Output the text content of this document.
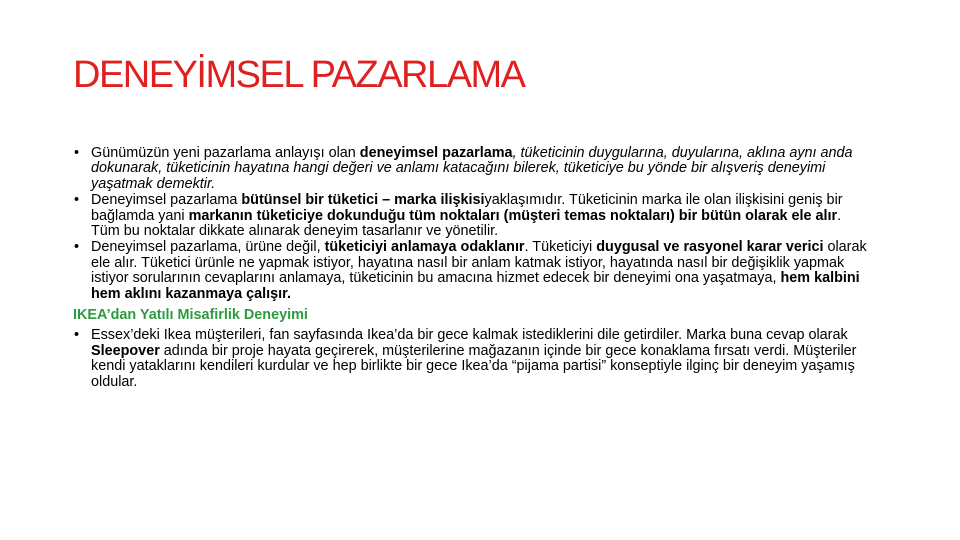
DENEYİMSEL PAZARLAMA
• Günümüzün yeni pazarlama anlayışı olan deneyimsel pazarlama, tüketicinin duygularına, duyularına, aklına aynı anda dokunarak, tüketicinin hayatına hangi değeri ve anlamı katacağını bilerek, tüketiciye bu yönde bir alışveriş deneyimi yaşatmak demektir.
• Deneyimsel pazarlama bütünsel bir tüketici – marka ilişkisiyaklaşımıdır. Tüketicinin marka ile olan ilişkisini geniş bir bağlamda yani markanın tüketiciye dokunduğu tüm noktaları (müşteri temas noktaları) bir bütün olarak ele alır. Tüm bu noktalar dikkate alınarak deneyim tasarlanır ve yönetilir.
• Deneyimsel pazarlama, ürüne değil, tüketiciyi anlamaya odaklanır. Tüketiciyi duygusal ve rasyonel karar verici olarak ele alır. Tüketici ürünle ne yapmak istiyor, hayatına nasıl bir anlam katmak istiyor, hayatında nasıl bir değişiklik yapmak istiyor sorularının cevaplarını anlamaya, tüketicinin bu amacına hizmet edecek bir deneyimi ona yaşatmaya, hem kalbini hem aklını kazanmaya çalışır.
IKEA’dan Yatılı Misafirlik Deneyimi
• Essex’deki Ikea müşterileri, fan sayfasında Ikea’da bir gece kalmak istediklerini dile getirdiler. Marka buna cevap olarak Sleepover adında bir proje hayata geçirerek, müşterilerine mağazanın içinde bir gece konaklama fırsatı verdi. Müşteriler kendi yataklarını kendileri kurdular ve hep birlikte bir gece Ikea’da “pijama partisi” konseptiyle ilginç bir deneyim yaşamış oldular.
